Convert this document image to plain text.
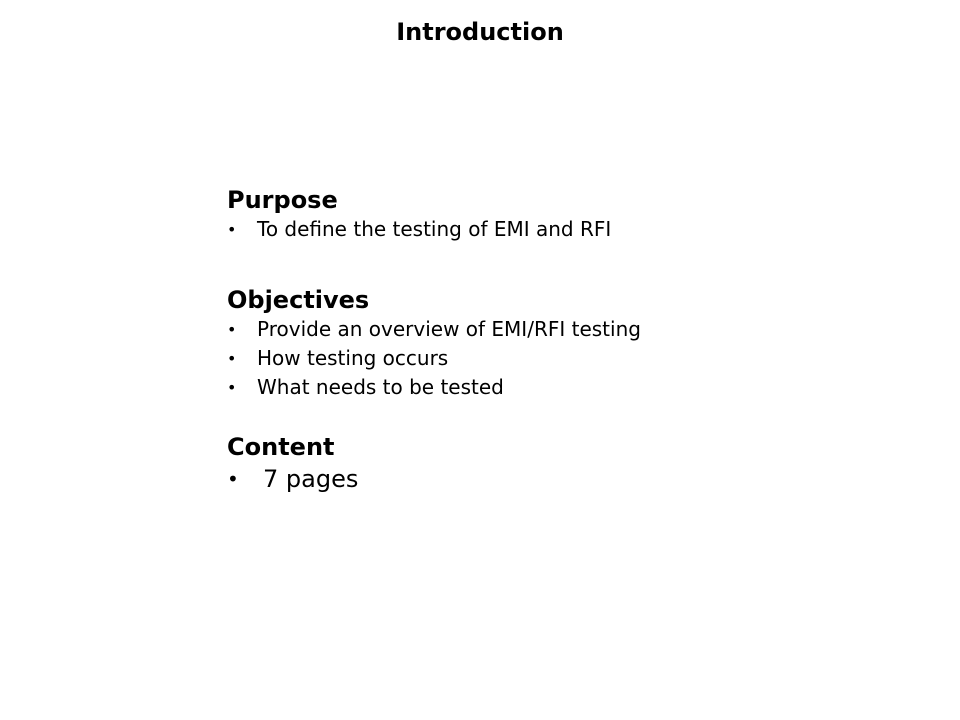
Introduction
Purpose
• To define the testing of EMI and RFI
Objectives
• Provide an overview of EMI/RFI testing
• How testing occurs
• What needs to be tested
Content
• 7 pages
